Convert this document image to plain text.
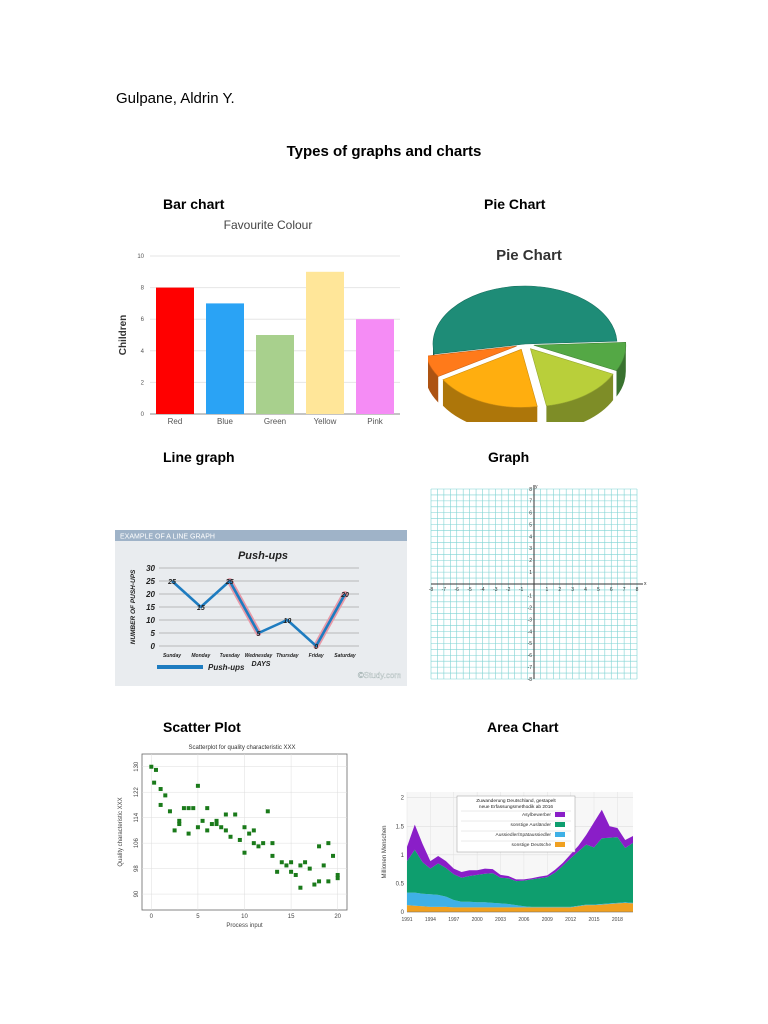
Gulpane, Aldrin Y.
Types of graphs and charts
Bar chart	Pie Chart
Line graph	Graph
Scatter Plot	Area Chart
Favourite Colour
0
2
4
6
8
10
Children
Red	Blue	Green	Yellow	Pink
Pie Chart
EXAMPLE OF A LINE GRAPH
Push-ups
0
5
10
15
20
25
30
NUMBER OF PUSH-UPS
Sunday Monday Tuesday Wednesday Thursday Friday Saturday
DAYS
25
15
25
5
10
0
20
Push-ups
©Study.com
x
y
-8 -7 -6 -5 -4 -3 -2 -1	1 2 3 4 5 6 7 8
-8
-7
-6
-5
-4
-3
-2
-1
1
2
3
4
5
6
7
8
Scatterplot for quality characteristic XXX
0	5	10	15	20
90
98
106
114
122
130
Process input
Quality characteristic XXX
0
0.5
1
1.5
2
1991 1994 1997 2000 2003 2006 2009 2012 2015 2018
Millionen Menschen
Zuwanderung Deutschland, gestapelt
neue Erfassungsmethodik ab 2016
Asylbewerber
sonstige Ausländer
Aussiedler/Spätaussiedler
sonstige Deutsche
